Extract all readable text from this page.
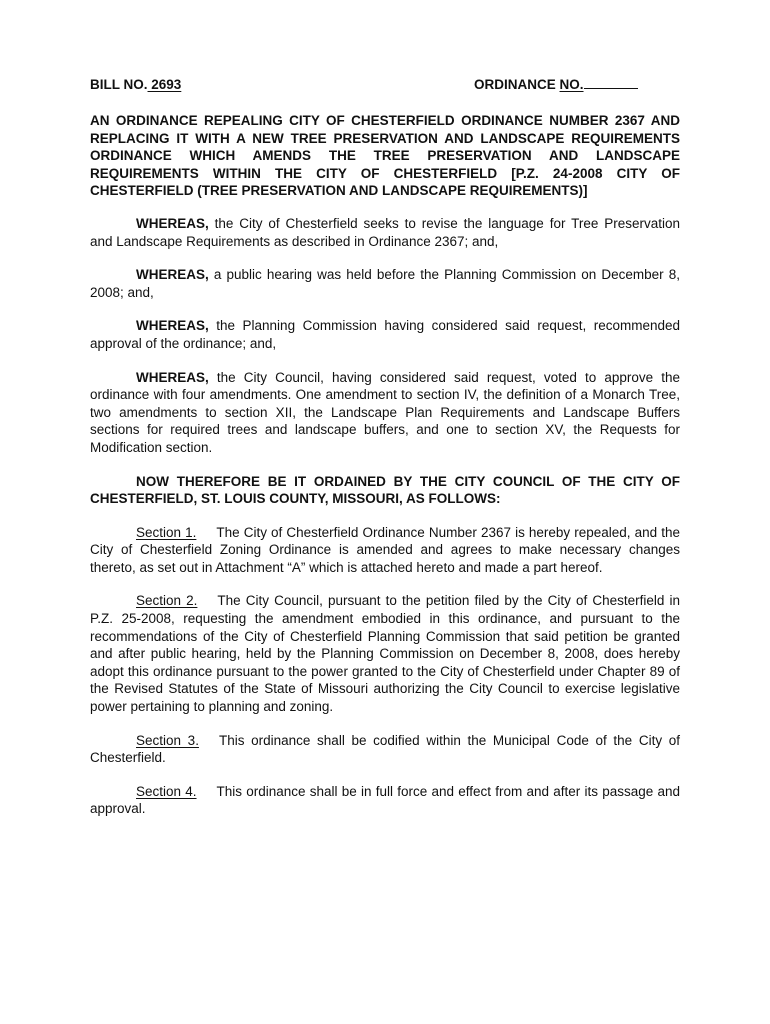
BILL NO. 2693	ORDINANCE NO.

AN ORDINANCE REPEALING CITY OF CHESTERFIELD ORDINANCE NUMBER 2367 AND REPLACING IT WITH A NEW TREE PRESERVATION AND LANDSCAPE REQUIREMENTS ORDINANCE WHICH AMENDS THE TREE PRESERVATION AND LANDSCAPE REQUIREMENTS WITHIN THE CITY OF CHESTERFIELD [P.Z. 24-2008 CITY OF CHESTERFIELD (TREE PRESERVATION AND LANDSCAPE REQUIREMENTS)]

WHEREAS, the City of Chesterfield seeks to revise the language for Tree Preservation and Landscape Requirements as described in Ordinance 2367; and,

WHEREAS, a public hearing was held before the Planning Commission on December 8, 2008; and,

WHEREAS, the Planning Commission having considered said request, recommended approval of the ordinance; and,

WHEREAS, the City Council, having considered said request, voted to approve the ordinance with four amendments. One amendment to section IV, the definition of a Monarch Tree, two amendments to section XII, the Landscape Plan Requirements and Landscape Buffers sections for required trees and landscape buffers, and one to section XV, the Requests for Modification section.

NOW THEREFORE BE IT ORDAINED BY THE CITY COUNCIL OF THE CITY OF CHESTERFIELD, ST. LOUIS COUNTY, MISSOURI, AS FOLLOWS:

Section 1. The City of Chesterfield Ordinance Number 2367 is hereby repealed, and the City of Chesterfield Zoning Ordinance is amended and agrees to make necessary changes thereto, as set out in Attachment “A” which is attached hereto and made a part hereof.

Section 2. The City Council, pursuant to the petition filed by the City of Chesterfield in P.Z. 25-2008, requesting the amendment embodied in this ordinance, and pursuant to the recommendations of the City of Chesterfield Planning Commission that said petition be granted and after public hearing, held by the Planning Commission on December 8, 2008, does hereby adopt this ordinance pursuant to the power granted to the City of Chesterfield under Chapter 89 of the Revised Statutes of the State of Missouri authorizing the City Council to exercise legislative power pertaining to planning and zoning.

Section 3. This ordinance shall be codified within the Municipal Code of the City of Chesterfield.

Section 4. This ordinance shall be in full force and effect from and after its passage and approval.
